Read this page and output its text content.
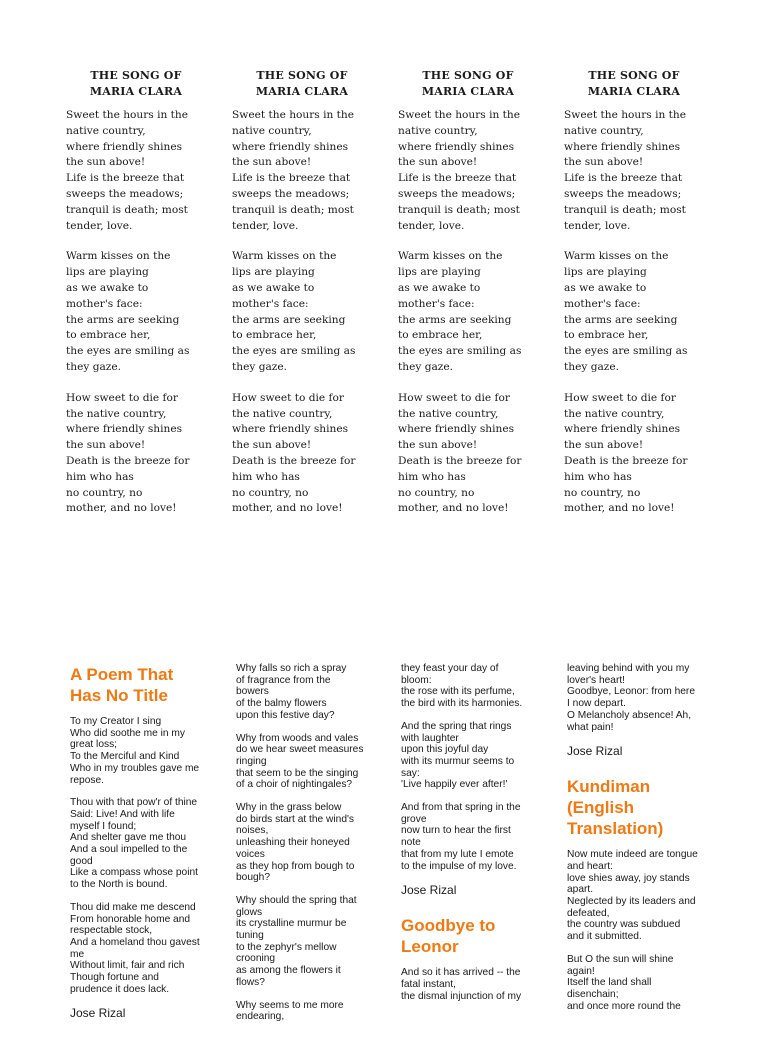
THE SONG OF
MARIA CLARA
Sweet the hours in the
native country,
where friendly shines
the sun above!
Life is the breeze that
sweeps the meadows;
tranquil is death; most
tender, love.
Warm kisses on the
lips are playing
as we awake to
mother's face:
the arms are seeking
to embrace her,
the eyes are smiling as
they gaze.
How sweet to die for
the native country,
where friendly shines
the sun above!
Death is the breeze for
him who has
no country, no
mother, and no love!
THE SONG OF
MARIA CLARA
Sweet the hours in the
native country,
where friendly shines
the sun above!
Life is the breeze that
sweeps the meadows;
tranquil is death; most
tender, love.
Warm kisses on the
lips are playing
as we awake to
mother's face:
the arms are seeking
to embrace her,
the eyes are smiling as
they gaze.
How sweet to die for
the native country,
where friendly shines
the sun above!
Death is the breeze for
him who has
no country, no
mother, and no love!
THE SONG OF
MARIA CLARA
Sweet the hours in the
native country,
where friendly shines
the sun above!
Life is the breeze that
sweeps the meadows;
tranquil is death; most
tender, love.
Warm kisses on the
lips are playing
as we awake to
mother's face:
the arms are seeking
to embrace her,
the eyes are smiling as
they gaze.
How sweet to die for
the native country,
where friendly shines
the sun above!
Death is the breeze for
him who has
no country, no
mother, and no love!
THE SONG OF
MARIA CLARA
Sweet the hours in the
native country,
where friendly shines
the sun above!
Life is the breeze that
sweeps the meadows;
tranquil is death; most
tender, love.
Warm kisses on the
lips are playing
as we awake to
mother's face:
the arms are seeking
to embrace her,
the eyes are smiling as
they gaze.
How sweet to die for
the native country,
where friendly shines
the sun above!
Death is the breeze for
him who has
no country, no
mother, and no love!
A Poem That
Has No Title
To my Creator I sing
Who did soothe me in my
great loss;
To the Merciful and Kind
Who in my troubles gave me
repose.
Thou with that pow'r of thine
Said: Live! And with life
myself I found;
And shelter gave me thou
And a soul impelled to the
good
Like a compass whose point
to the North is bound.
Thou did make me descend
From honorable home and
respectable stock,
And a homeland thou gavest
me
Without limit, fair and rich
Though fortune and
prudence it does lack.
Jose Rizal
Why falls so rich a spray
of fragrance from the
bowers
of the balmy flowers
upon this festive day?
Why from woods and vales
do we hear sweet measures
ringing
that seem to be the singing
of a choir of nightingales?
Why in the grass below
do birds start at the wind's
noises,
unleashing their honeyed
voices
as they hop from bough to
bough?
Why should the spring that
glows
its crystalline murmur be
tuning
to the zephyr's mellow
crooning
as among the flowers it
flows?
Why seems to me more
endearing,
they feast your day of
bloom:
the rose with its perfume,
the bird with its harmonies.
And the spring that rings
with laughter
upon this joyful day
with its murmur seems to
say:
'Live happily ever after!'
And from that spring in the
grove
now turn to hear the first
note
that from my lute I emote
to the impulse of my love.
Jose Rizal
Goodbye to
Leonor
And so it has arrived -- the
fatal instant,
the dismal injunction of my
leaving behind with you my
lover's heart!
Goodbye, Leonor: from here
I now depart.
O Melancholy absence! Ah,
what pain!
Jose Rizal
Kundiman
(English
Translation)
Now mute indeed are tongue
and heart:
love shies away, joy stands
apart.
Neglected by its leaders and
defeated,
the country was subdued
and it submitted.
But O the sun will shine
again!
Itself the land shall
disenchain;
and once more round the
